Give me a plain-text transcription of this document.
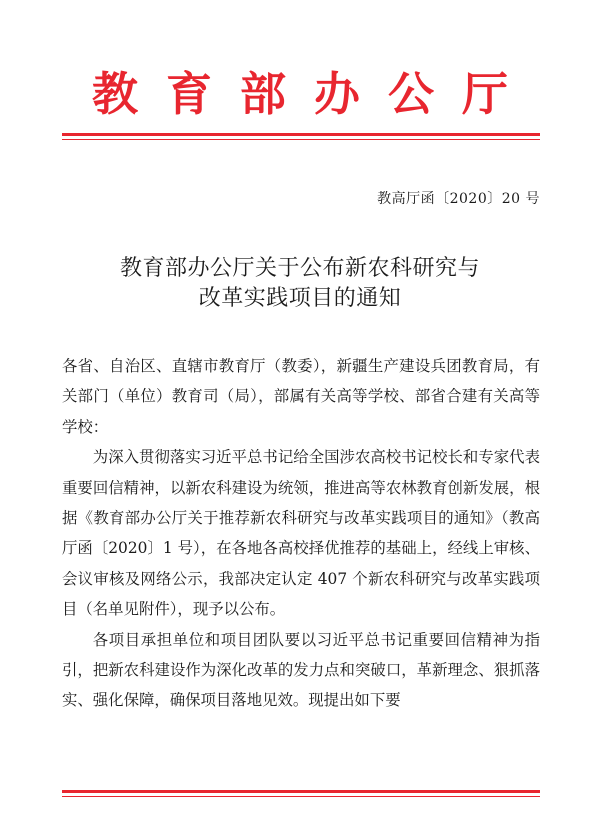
教育部办公厅
教高厅函〔2020〕20 号
教育部办公厅关于公布新农科研究与
改革实践项目的通知

各省、自治区、直辖市教育厅（教委），新疆生产建设兵团教育局，有关部门（单位）教育司（局），部属有关高等学校、部省合建有关高等学校：

为深入贯彻落实习近平总书记给全国涉农高校书记校长和专家代表重要回信精神，以新农科建设为统领，推进高等农林教育创新发展，根据《教育部办公厅关于推荐新农科研究与改革实践项目的通知》（教高厅函〔2020〕1 号），在各地各高校择优推荐的基础上，经线上审核、会议审核及网络公示，我部决定认定 407 个新农科研究与改革实践项目（名单见附件），现予以公布。

各项目承担单位和项目团队要以习近平总书记重要回信精神为指引，把新农科建设作为深化改革的发力点和突破口，革新理念、狠抓落实、强化保障，确保项目落地见效。现提出如下要
